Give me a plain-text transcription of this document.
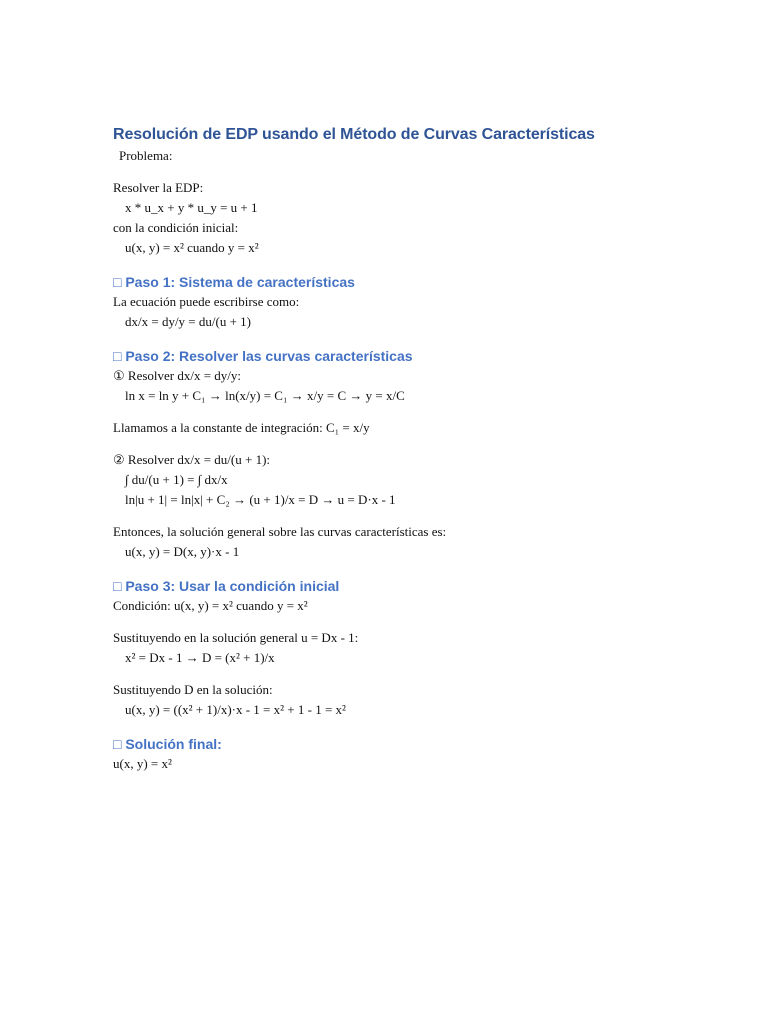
Resolución de EDP usando el Método de Curvas Características

Problema:

Resolver la EDP:

x * u_x + y * u_y = u + 1

con la condición inicial:

u(x, y) = x² cuando y = x²

□ Paso 1: Sistema de características

La ecuación puede escribirse como:

dx/x = dy/y = du/(u + 1)

□ Paso 2: Resolver las curvas características

① Resolver dx/x = dy/y:

ln x = ln y + C₁ → ln(x/y) = C₁ → x/y = C → y = x/C

Llamamos a la constante de integración: C₁ = x/y

② Resolver dx/x = du/(u + 1):

∫ du/(u + 1) = ∫ dx/x

ln|u + 1| = ln|x| + C₂ → (u + 1)/x = D → u = D·x - 1

Entonces, la solución general sobre las curvas características es:

u(x, y) = D(x, y)·x - 1

□ Paso 3: Usar la condición inicial

Condición: u(x, y) = x² cuando y = x²

Sustituyendo en la solución general u = Dx - 1:

x² = Dx - 1 → D = (x² + 1)/x

Sustituyendo D en la solución:

u(x, y) = ((x² + 1)/x)·x - 1 = x² + 1 - 1 = x²

□ Solución final:

u(x, y) = x²
